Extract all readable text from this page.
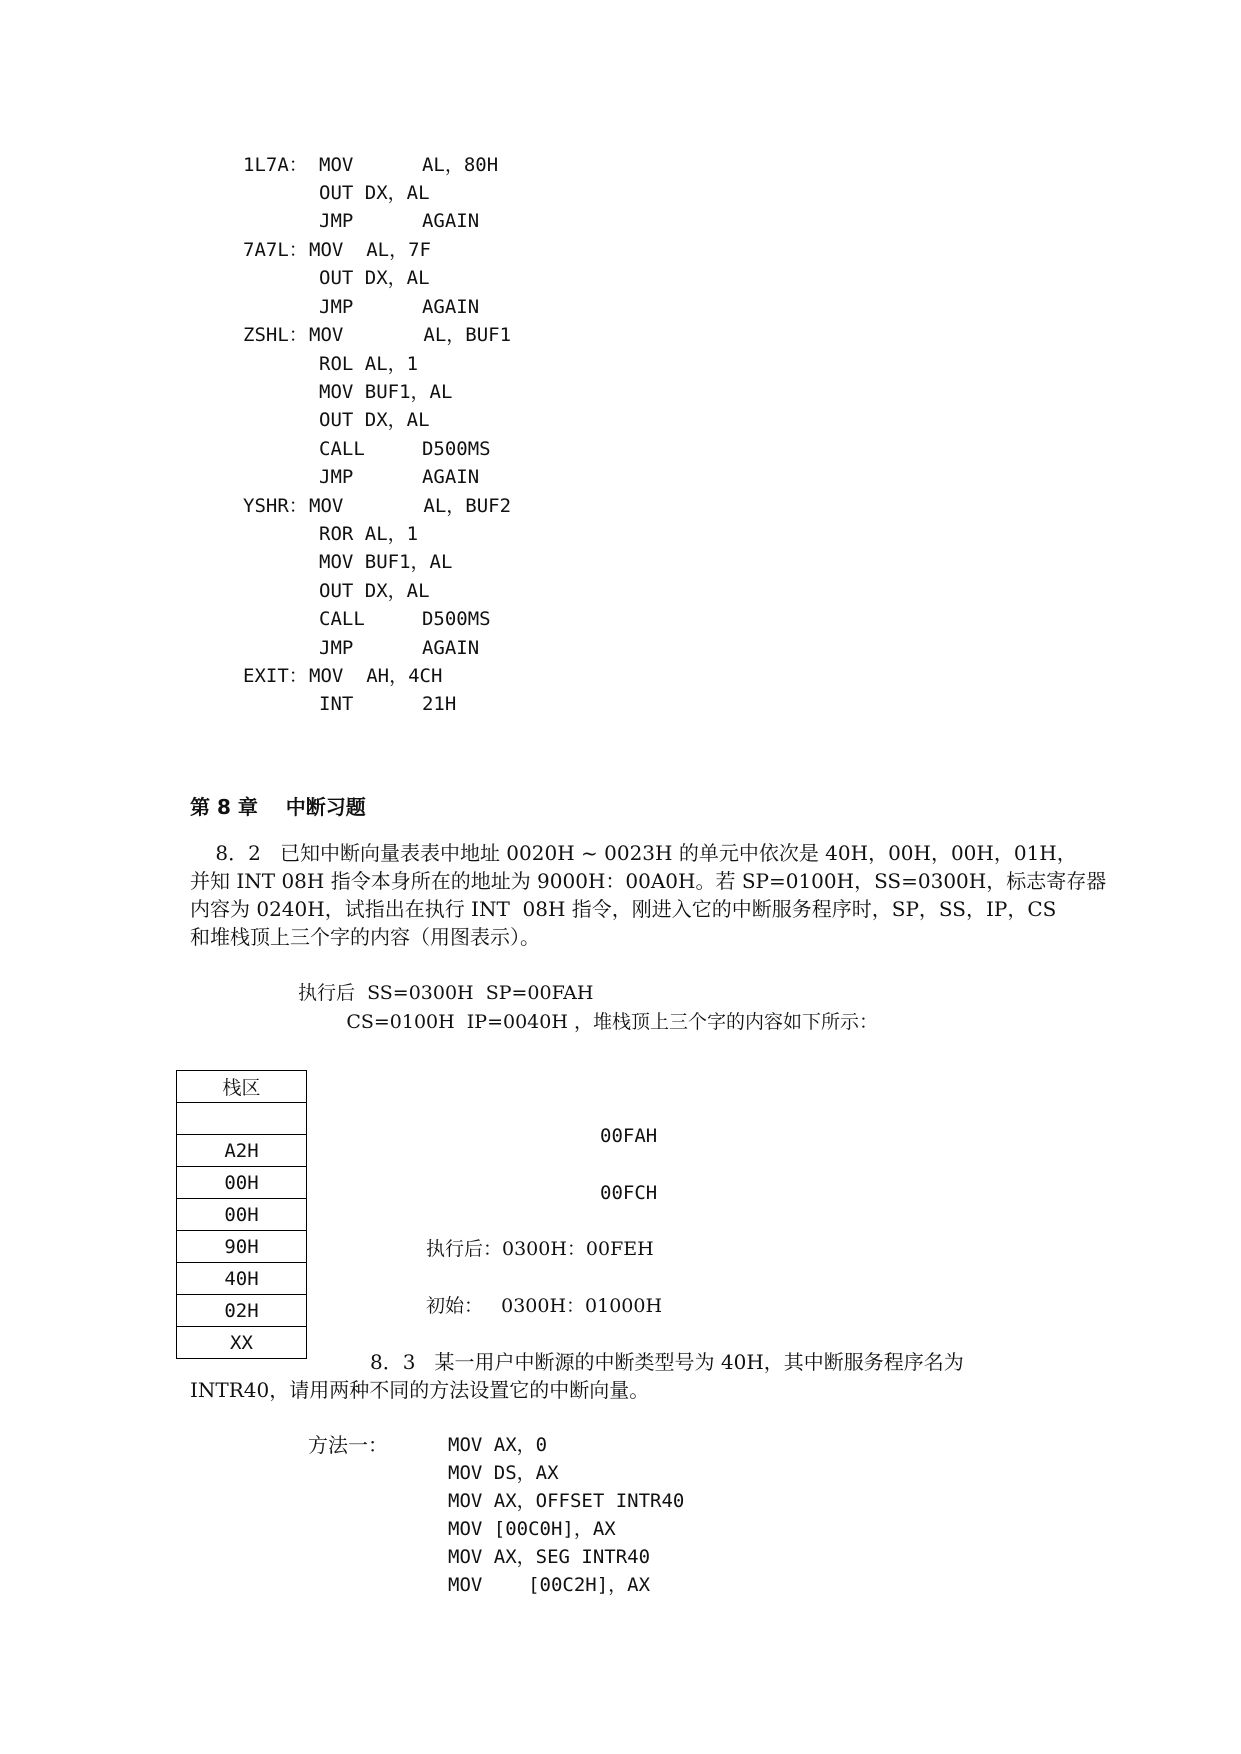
1L7A： MOV      AL，80H
OUT DX，AL
JMP      AGAIN
7A7L： MOV  AL，7F
OUT DX，AL
JMP      AGAIN
ZSHL： MOV       AL，BUF1
ROL AL，1
MOV BUF1，AL
OUT DX，AL
CALL     D500MS
JMP      AGAIN
YSHR： MOV       AL，BUF2
ROR AL，1
MOV BUF1，AL
OUT DX，AL
CALL     D500MS
JMP      AGAIN
EXIT： MOV  AH，4CH
INT      21H
第 8 章    中断习题
8．2   已知中断向量表表中地址 0020H ~ 0023H 的单元中依次是 40H，00H，00H，01H，
并知 INT 08H 指令本身所在的地址为 9000H：00A0H。若 SP=0100H，SS=0300H，标志寄存器
内容为 0240H，试指出在执行 INT  08H 指令，刚进入它的中断服务程序时，SP，SS，IP，CS
和堆栈顶上三个字的内容（用图表示）。
执行后  SS=0300H  SP=00FAH
CS=0100H  IP=0040H ，堆栈顶上三个字的内容如下所示：
栈区

A2H
00H
00H
90H
40H
02H
XX
00FAH
00FCH
执行后：0300H：00FEH
初始：   0300H：01000H
8．3   某一用户中断源的中断类型号为 40H，其中断服务程序名为
INTR40，请用两种不同的方法设置它的中断向量。
方法一：	MOV AX，0
MOV DS，AX
MOV AX，OFFSET INTR40
MOV [00C0H]，AX
MOV AX，SEG INTR40
MOV    [00C2H]，AX
